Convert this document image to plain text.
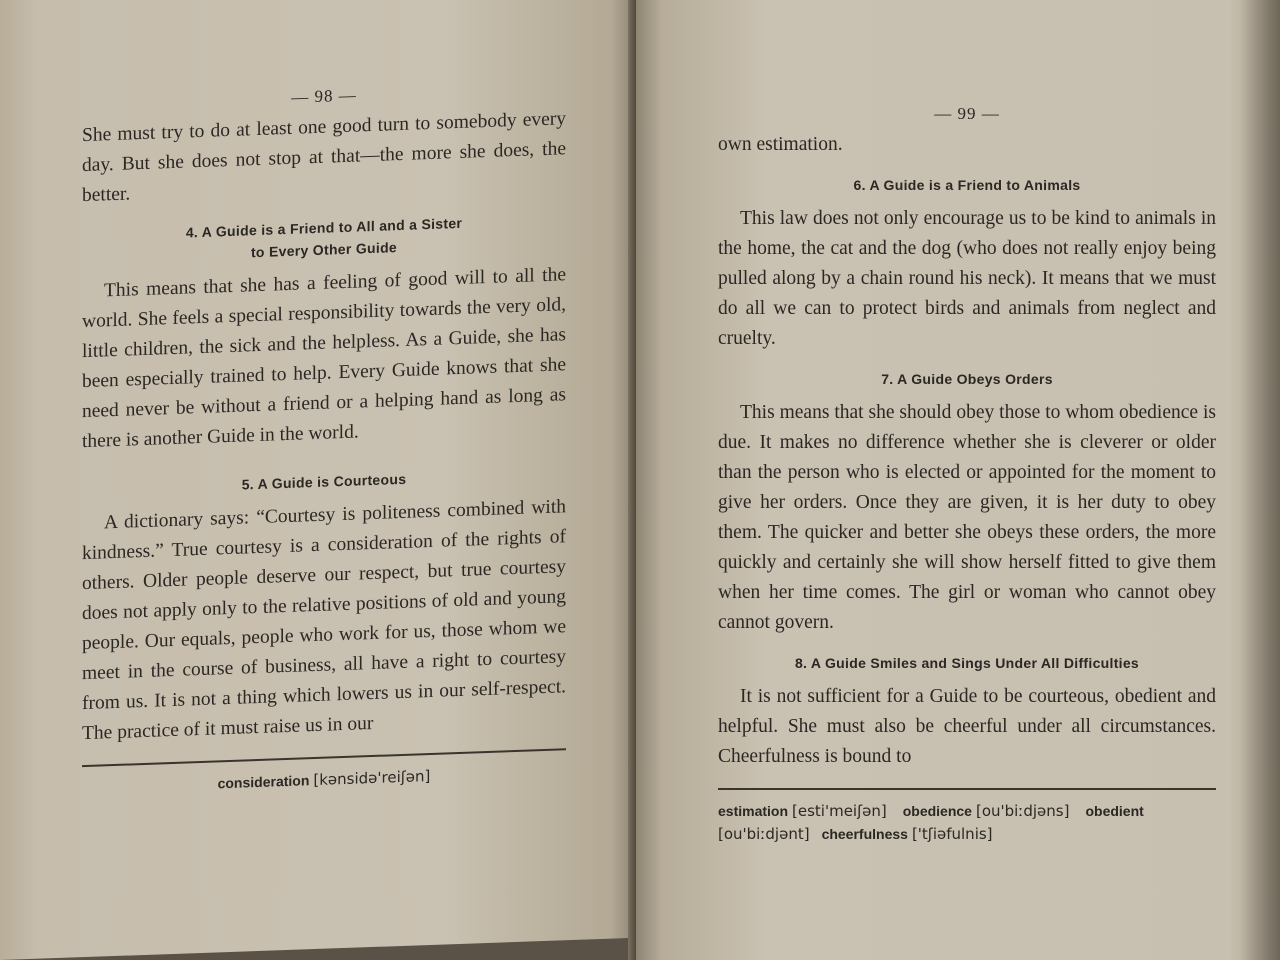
— 98 —

She must try to do at least one good turn to somebody every day. But she does not stop at that—the more she does, the better.

4. A Guide is a Friend to All and a Sister
to Every Other Guide

This means that she has a feeling of good will to all the world. She feels a special responsibility towards the very old, little children, the sick and the helpless. As a Guide, she has been especially trained to help. Every Guide knows that she need never be without a friend or a helping hand as long as there is another Guide in the world.

5. A Guide is Courteous

A dictionary says: “Courtesy is politeness combined with kindness.” True courtesy is a consideration of the rights of others. Older people deserve our respect, but true courtesy does not apply only to the relative positions of old and young people. Our equals, people who work for us, those whom we meet in the course of business, all have a right to courtesy from us. It is not a thing which lowers us in our self-respect. The practice of it must raise us in our

consideration [kənsidə'reiʃən]
— 99 —

own estimation.

6. A Guide is a Friend to Animals

This law does not only encourage us to be kind to animals in the home, the cat and the dog (who does not really enjoy being pulled along by a chain round his neck). It means that we must do all we can to protect birds and animals from neglect and cruelty.

7. A Guide Obeys Orders

This means that she should obey those to whom obedience is due. It makes no difference whether she is cleverer or older than the person who is elected or appointed for the moment to give her orders. Once they are given, it is her duty to obey them. The quicker and better she obeys these orders, the more quickly and certainly she will show herself fitted to give them when her time comes. The girl or woman who cannot obey cannot govern.

8. A Guide Smiles and Sings Under All Difficulties

It is not sufficient for a Guide to be courteous, obedient and helpful. She must also be cheerful under all circumstances. Cheerfulness is bound to

estimation [esti'meiʃən] obedience [ou'biːdjəns] obedient [ou'biːdjənt] cheerfulness ['tʃiəfulnis]
